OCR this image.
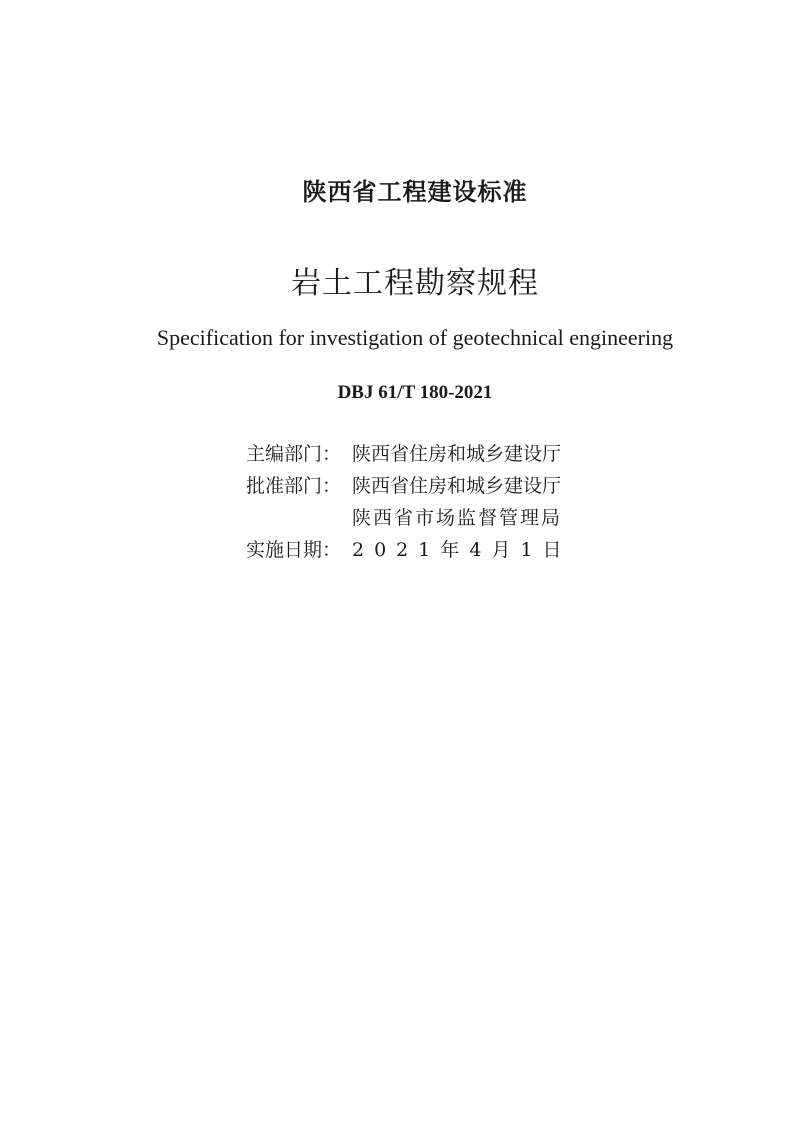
陕西省工程建设标准
岩土工程勘察规程
Specification for investigation of geotechnical engineering
DBJ 61/T 180-2021
主编部门： 陕西省住房和城乡建设厅
批准部门： 陕西省住房和城乡建设厅
陕西省市场监督管理局
实施日期： 2021年4月1日
